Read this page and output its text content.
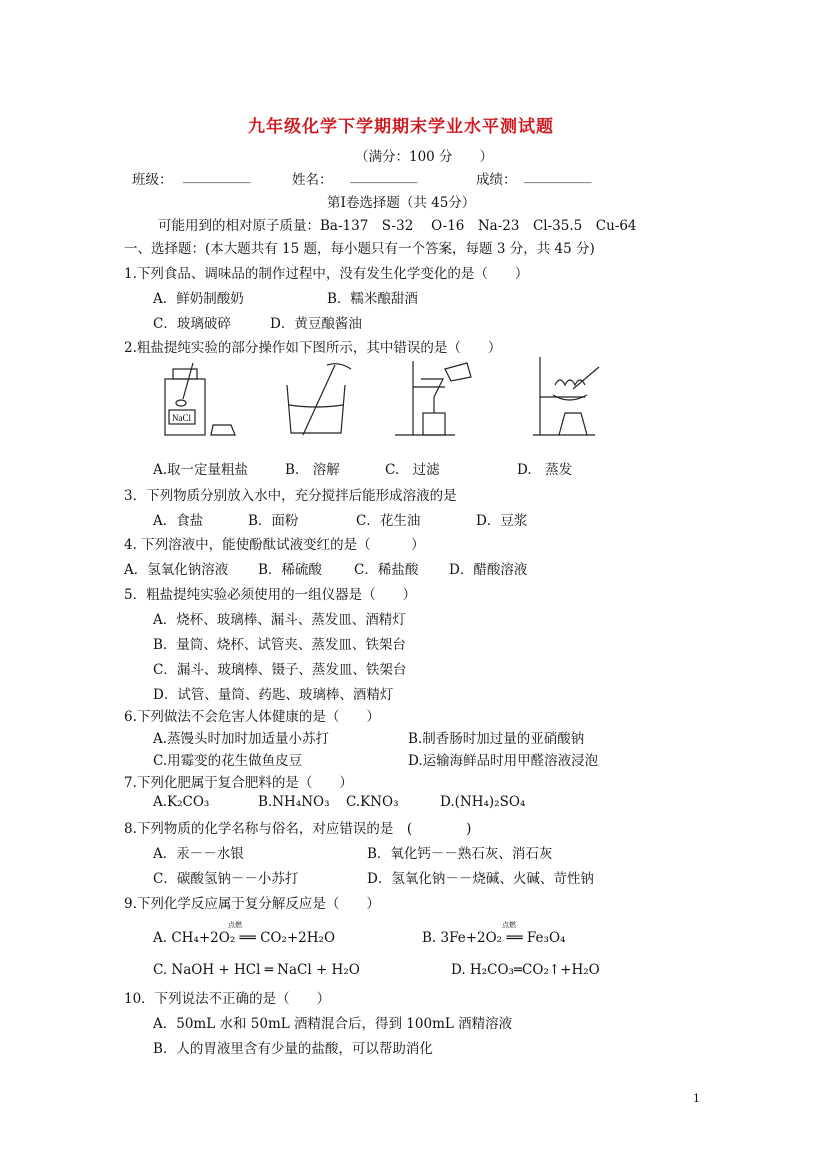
九年级化学下学期期末学业水平测试题
（满分：100 分　　）
班级： __________	姓名： __________	成绩： __________
第Ⅰ卷选择题（共 45分）
可能用到的相对原子质量：Ba-137　S-32　 O-16　Na-23　Cl-35.5　Cu-64
一、选择题：(本大题共有 15 题，每小题只有一个答案，每题 3 分，共 45 分)
1.下列食品、调味品的制作过程中，没有发生化学变化的是（　　）
A．鲜奶制酸奶	B．糯米酿甜酒
C．玻璃破碎	D．黄豆酿酱油
2.粗盐提纯实验的部分操作如下图所示，其中错误的是（　　）
NaCl
A.取一定量粗盐	B.　溶解	C.　过滤	D.　蒸发
3．下列物质分别放入水中，充分搅拌后能形成溶液的是
A．食盐	B．面粉	C．花生油	D．豆浆
4. 下列溶液中，能使酚酞试液变红的是（　　　）
A．氢氧化钠溶液 B．稀硫酸 C．稀盐酸 D．醋酸溶液
5．粗盐提纯实验必须使用的一组仪器是（　　）
A．烧杯、玻璃棒、漏斗、蒸发皿、酒精灯
B．量筒、烧杯、试管夹、蒸发皿、铁架台
C．漏斗、玻璃棒、镊子、蒸发皿、铁架台
D．试管、量筒、药匙、玻璃棒、酒精灯
6.下列做法不会危害人体健康的是（　　）
A.蒸馒头时加时加适量小苏打	B.制香肠时加过量的亚硝酸钠
C.用霉变的花生做鱼皮豆	D.运输海鲜品时用甲醛溶液浸泡
7.下列化肥属于复合肥料的是（　　）
A.K₂CO₃	B.NH₄NO₃ C.KNO₃	D.(NH₄)₂SO₄
8.下列物质的化学名称与俗名，对应错误的是　(　　　　)
A．汞－－水银	B．氧化钙－－熟石灰、消石灰
C．碳酸氢钠－－小苏打	D．氢氧化钠－－烧碱、火碱、苛性钠
9.下列化学反应属于复分解反应是（　　）
点燃
A. CH₄+2O₂ ══ CO₂+2H₂O
点燃
B. 3Fe+2O₂ ══ Fe₃O₄
C. NaOH + HCl ═ NaCl + H₂O	D. H₂CO₃═CO₂↑+H₂O
10．下列说法不正确的是（　　）
A．50mL 水和 50mL 酒精混合后，得到 100mL 酒精溶液
B．人的胃液里含有少量的盐酸，可以帮助消化
1
